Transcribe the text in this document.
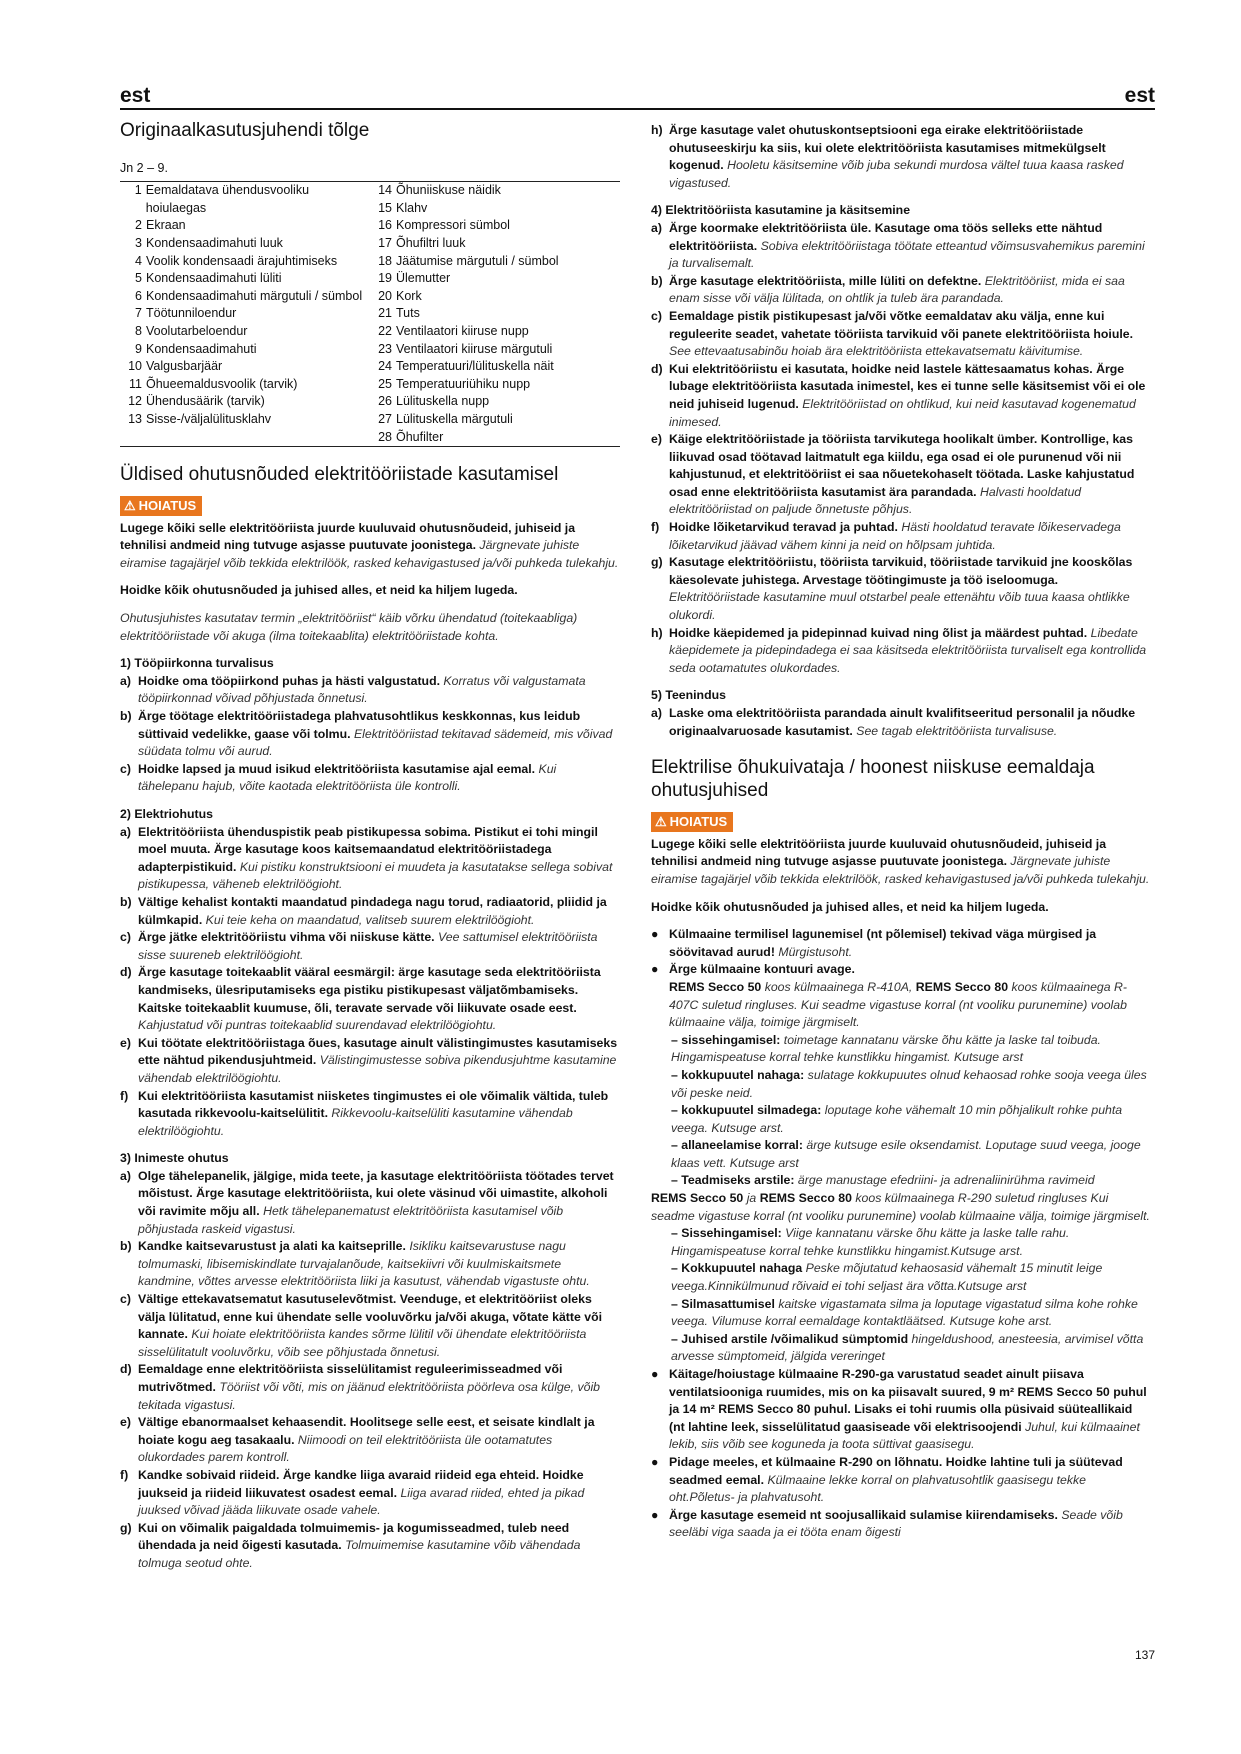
est	est
Originaalkasutusjuhendi tõlge
Jn 2 – 9.
1 Eemaldatava ühendusvooliku hoiulaegas
2 Ekraan
3 Kondensaadimahuti luuk
4 Voolik kondensaadi ärajuhtimiseks
5 Kondensaadimahuti lüliti
6 Kondensaadimahuti märgutuli / sümbol
7 Töötunniloendur
8 Voolutarbeloendur
9 Kondensaadimahuti
10 Valgusbarjäär
11 Õhueemaldusvoolik (tarvik)
12 Ühendusäärik (tarvik)
13 Sisse-/väljalülitusklahv

14 Õhuniiskuse näidik
15 Klahv
16 Kompressori sümbol
17 Õhufiltri luuk
18 Jäätumise märgutuli / sümbol
19 Ülemutter
20 Kork
21 Tuts
22 Ventilaatori kiiruse nupp
23 Ventilaatori kiiruse märgutuli
24 Temperatuuri/lülituskella näit
25 Temperatuuriühiku nupp
26 Lülituskella nupp
27 Lülituskella märgutuli
28 Õhufilter
Üldised ohutusnõuded elektritööriistade kasutamisel
⚠ HOIATUS

Lugege kõiki selle elektritööriista juurde kuuluvaid ohutusnõudeid, juhiseid ja tehnilisi andmeid ning tutvuge asjasse puutuvate joonistega. Järgnevate juhiste eiramise tagajärjel võib tekkida elektrilöök, rasked kehavigastused ja/või puhkeda tulekahju.

Hoidke kõik ohutusnõuded ja juhised alles, et neid ka hiljem lugeda.

Ohutusjuhistes kasutatav termin „elektritööriist“ käib võrku ühendatud (toitekaabliga) elektritööriistade või akuga (ilma toitekaablita) elektritööriistade kohta.

1) Tööpiirkonna turvalisus

a) Hoidke oma tööpiirkond puhas ja hästi valgustatud. Korratus või valgustamata tööpiirkonnad võivad põhjustada õnnetusi.
b) Ärge töötage elektritööriistadega plahvatusohtlikus keskkonnas, kus leidub süttivaid vedelikke, gaase või tolmu. Elektritööriistad tekitavad sädemeid, mis võivad süüdata tolmu või aurud.
c) Hoidke lapsed ja muud isikud elektritööriista kasutamise ajal eemal. Kui tähelepanu hajub, võite kaotada elektritööriista üle kontrolli.

2) Elektriohutus

a) Elektritööriista ühenduspistik peab pistikupessa sobima. Pistikut ei tohi mingil moel muuta. Ärge kasutage koos kaitsemaandatud elektritööriistadega adapterpistikuid. Kui pistiku konstruktsiooni ei muudeta ja kasutatakse sellega sobivat pistikupessa, väheneb elektrilöögioht.
b) Vältige kehalist kontakti maandatud pindadega nagu torud, radiaatorid, pliidid ja külmkapid. Kui teie keha on maandatud, valitseb suurem elektrilöögioht.
c) Ärge jätke elektritööriistu vihma või niiskuse kätte. Vee sattumisel elektritööriista sisse suureneb elektrilöögioht.
d) Ärge kasutage toitekaablit vääral eesmärgil: ärge kasutage seda elektritööriista kandmiseks, ülesriputamiseks ega pistiku pistikupesast väljatõmbamiseks. Kaitske toitekaablit kuumuse, õli, teravate servade või liikuvate osade eest. Kahjustatud või puntras toitekaablid suurendavad elektrilöögiohtu.
e) Kui töötate elektritööriistaga õues, kasutage ainult välistingimustes kasutamiseks ette nähtud pikendusjuhtmeid. Välistingimustesse sobiva pikendusjuhtme kasutamine vähendab elektrilöögiohtu.
f) Kui elektritööriista kasutamist niisketes tingimustes ei ole võimalik vältida, tuleb kasutada rikkevoolu-kaitselülitit. Rikkevoolu-kaitselüliti kasutamine vähendab elektrilöögiohtu.

3) Inimeste ohutus

a) Olge tähelepanelik, jälgige, mida teete, ja kasutage elektritööriista töötades tervet mõistust. Ärge kasutage elektritööriista, kui olete väsinud või uimastite, alkoholi või ravimite mõju all. Hetk tähelepanematust elektritööriista kasutamisel võib põhjustada raskeid vigastusi.
b) Kandke kaitsevarustust ja alati ka kaitseprille. Isikliku kaitsevarustuse nagu tolmumaski, libisemiskindlate turvajalanõude, kaitsekiivri või kuulmiskaitsmete kandmine, võttes arvesse elektritööriista liiki ja kasutust, vähendab vigastuste ohtu.
c) Vältige ettekavatsematut kasutuselevõtmist. Veenduge, et elektritööriist oleks välja lülitatud, enne kui ühendate selle vooluvõrku ja/või akuga, võtate kätte või kannate. Kui hoiate elektritööriista kandes sõrme lülitil või ühendate elektritööriista sisselülitatult vooluvõrku, võib see põhjustada õnnetusi.
d) Eemaldage enne elektritööriista sisselülitamist reguleerimisseadmed või mutrivõtmed. Tööriist või võti, mis on jäänud elektritööriista pöörleva osa külge, võib tekitada vigastusi.
e) Vältige ebanormaalset kehaasendit. Hoolitsege selle eest, et seisate kindlalt ja hoiate kogu aeg tasakaalu. Niimoodi on teil elektritööriista üle ootamatutes olukordades parem kontroll.
f) Kandke sobivaid riideid. Ärge kandke liiga avaraid riideid ega ehteid. Hoidke juukseid ja riideid liikuvatest osadest eemal. Liiga avarad riided, ehted ja pikad juuksed võivad jääda liikuvate osade vahele.
g) Kui on võimalik paigaldada tolmuimemis- ja kogumisseadmed, tuleb need ühendada ja neid õigesti kasutada. Tolmuimemise kasutamine võib vähendada tolmuga seotud ohte.
h) Ärge kasutage valet ohutuskontseptsiooni ega eirake elektritööriistade ohutuseeskirju ka siis, kui olete elektritööriista kasutamises mitmekülgselt kogenud. Hooletu käsitsemine võib juba sekundi murdosa vältel tuua kaasa rasked vigastused.

4) Elektritööriista kasutamine ja käsitsemine

a) Ärge koormake elektritööriista üle. Kasutage oma töös selleks ette nähtud elektritööriista. Sobiva elektritööriistaga töötate etteantud võimsusvahemikus paremini ja turvalisemalt.
b) Ärge kasutage elektritööriista, mille lüliti on defektne. Elektritööriist, mida ei saa enam sisse või välja lülitada, on ohtlik ja tuleb ära parandada.
c) Eemaldage pistik pistikupesast ja/või võtke eemaldatav aku välja, enne kui reguleerite seadet, vahetate tööriista tarvikuid või panete elektritööriista hoiule. See ettevaatusabinõu hoiab ära elektritööriista ettekavatsematu käivitumise.
d) Kui elektritööriistu ei kasutata, hoidke neid lastele kättesaamatus kohas. Ärge lubage elektritööriista kasutada inimestel, kes ei tunne selle käsitsemist või ei ole neid juhiseid lugenud. Elektritööriistad on ohtlikud, kui neid kasutavad kogenematud inimesed.
e) Käige elektritööriistade ja tööriista tarvikutega hoolikalt ümber. Kontrollige, kas liikuvad osad töötavad laitmatult ega kiildu, ega osad ei ole purunenud või nii kahjustunud, et elektritööriist ei saa nõuetekohaselt töötada. Laske kahjustatud osad enne elektritööriista kasutamist ära parandada. Halvasti hooldatud elektritööriistad on paljude õnnetuste põhjus.
f) Hoidke lõiketarvikud teravad ja puhtad. Hästi hooldatud teravate lõikeservadega lõiketarvikud jäävad vähem kinni ja neid on hõlpsam juhtida.
g) Kasutage elektritööriistu, tööriista tarvikuid, tööriistade tarvikuid jne kooskõlas käesolevate juhistega. Arvestage töötingimuste ja töö iseloomuga. Elektritööriistade kasutamine muul otstarbel peale ettenähtu võib tuua kaasa ohtlikke olukordi.
h) Hoidke käepidemed ja pidepinnad kuivad ning õlist ja määrdest puhtad. Libedate käepidemete ja pidepindadega ei saa käsitseda elektritööriista turvaliselt ega kontrollida seda ootamatutes olukordades.

5) Teenindus

a) Laske oma elektritööriista parandada ainult kvalifitseeritud personalil ja nõudke originaalvaruosade kasutamist. See tagab elektritööriista turvalisuse.
Elektrilise õhukuivataja / hoonest niiskuse eemaldaja ohutusjuhised
⚠ HOIATUS

Lugege kõiki selle elektritööriista juurde kuuluvaid ohutusnõudeid, juhiseid ja tehnilisi andmeid ning tutvuge asjasse puutuvate joonistega. Järgnevate juhiste eiramise tagajärjel võib tekkida elektrilöök, rasked kehavigastused ja/või puhkeda tulekahju.

Hoidke kõik ohutusnõuded ja juhised alles, et neid ka hiljem lugeda.

● Külmaaine termilisel lagunemisel (nt põlemisel) tekivad väga mürgised ja söövitavad aurud! Mürgistusoht.
● Ärge külmaaine kontuuri avage.
REMS Secco 50 koos külmaainega R-410A, REMS Secco 80 koos külmaainega R-407C suletud ringluses. Kui seadme vigastuse korral (nt vooliku purunemine) voolab külmaaine välja, toimige järgmiselt.
– sissehingamisel: toimetage kannatanu värske õhu kätte ja laske tal toibuda. Hingamispeatuse korral tehke kunstlikku hingamist. Kutsuge arst
– kokkupuutel nahaga: sulatage kokkupuutes olnud kehaosad rohke sooja veega üles või peske neid.
– kokkupuutel silmadega: loputage kohe vähemalt 10 min põhjalikult rohke puhta veega. Kutsuge arst.
– allaneelamise korral: ärge kutsuge esile oksendamist. Loputage suud veega, jooge klaas vett. Kutsuge arst
– Teadmiseks arstile: ärge manustage efedriini- ja adrenaliinirühma ravimeid
REMS Secco 50 ja REMS Secco 80 koos külmaainega R-290 suletud ringluses Kui seadme vigastuse korral (nt vooliku purunemine) voolab külmaaine välja, toimige järgmiselt.
– Sissehingamisel: Viige kannatanu värske õhu kätte ja laske talle rahu. Hingamispeatuse korral tehke kunstlikku hingamist.Kutsuge arst.
– Kokkupuutel nahaga Peske mõjutatud kehaosasid vähemalt 15 minutit leige veega.Kinnikülmunud rõivaid ei tohi seljast ära võtta.Kutsuge arst
– Silmasattumisel kaitske vigastamata silma ja loputage vigastatud silma kohe rohke veega. Vilumuse korral eemaldage kontaktläätsed. Kutsuge kohe arst.
– Juhised arstile /võimalikud sümptomid hingeldushood, anesteesia, arvimisel võtta arvesse sümptomeid, jälgida vereringet
● Käitage/hoiustage külmaaine R-290-ga varustatud seadet ainult piisava ventilatsiooniga ruumides, mis on ka piisavalt suured, 9 m² REMS Secco 50 puhul ja 14 m² REMS Secco 80 puhul. Lisaks ei tohi ruumis olla püsivaid süüteallikaid (nt lahtine leek, sisselülitatud gaasiseade või elektrisoojendi Juhul, kui külmaainet lekib, siis võib see koguneda ja toota süttivat gaasisegu.
● Pidage meeles, et külmaaine R-290 on lõhnatu. Hoidke lahtine tuli ja süütevad seadmed eemal. Külmaaine lekke korral on plahvatusohtlik gaasisegu tekke oht.Põletus- ja plahvatusoht.
● Ärge kasutage esemeid nt soojusallikaid sulamise kiirendamiseks. Seade võib seeläbi viga saada ja ei tööta enam õigesti
137
